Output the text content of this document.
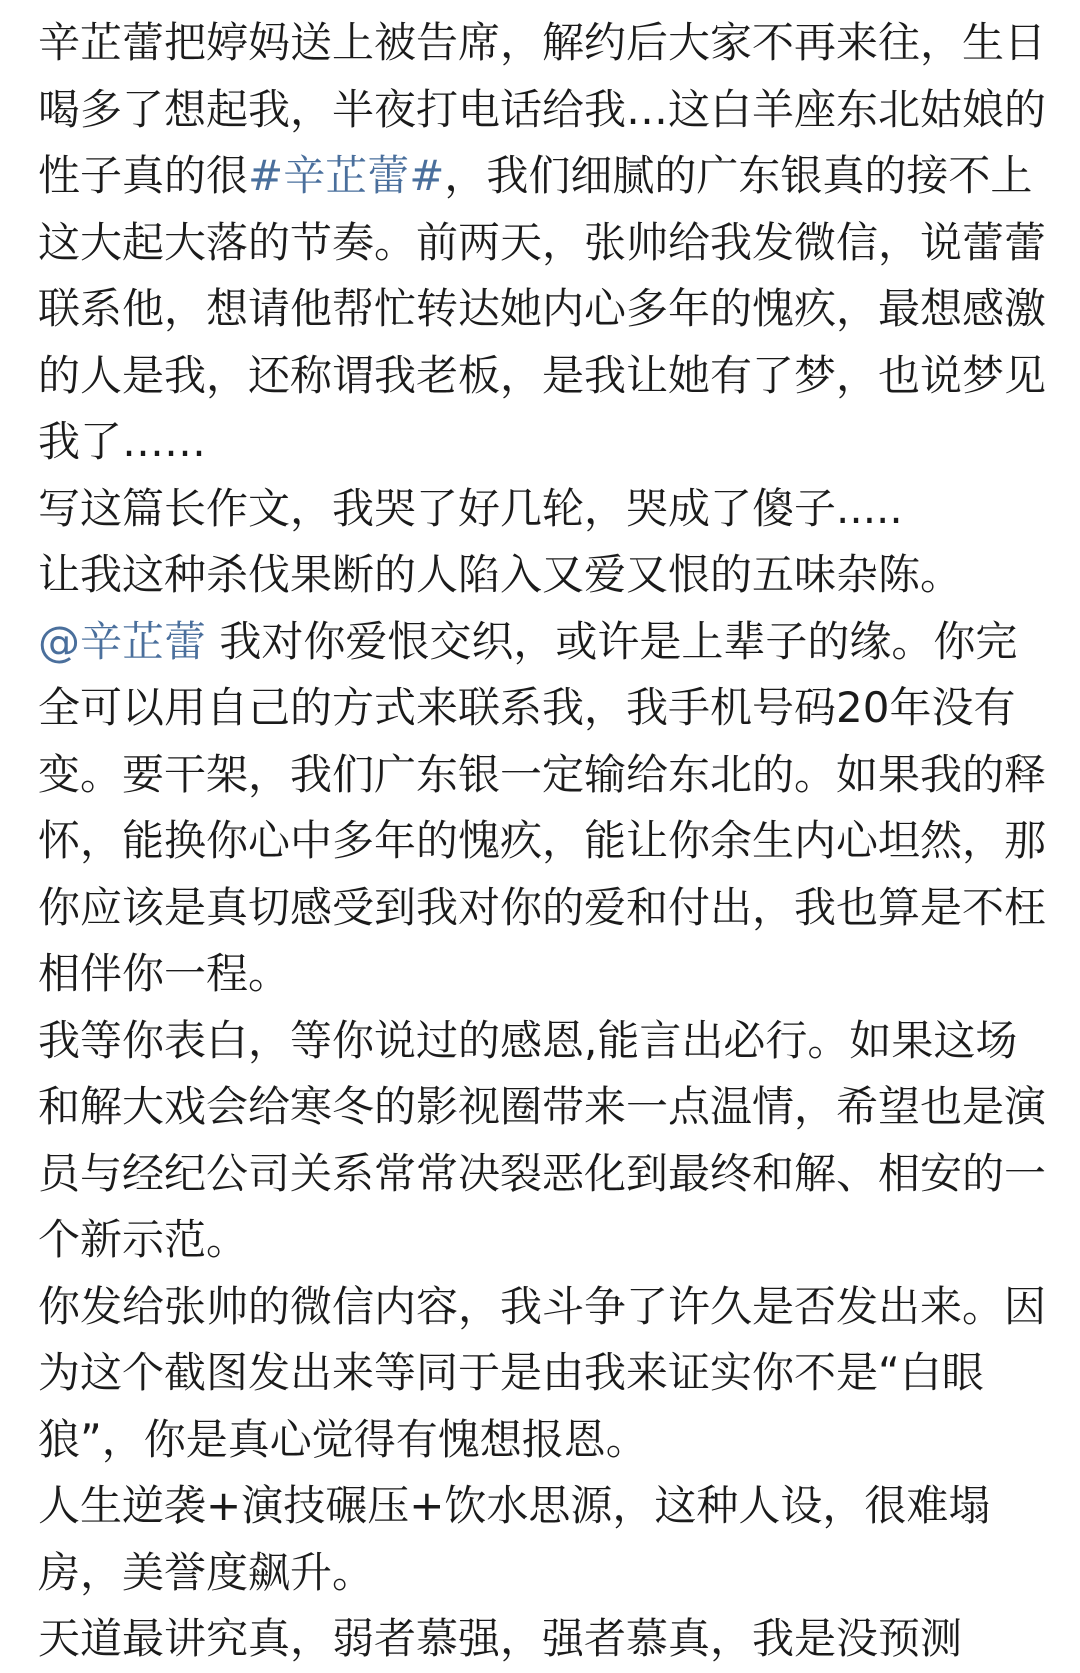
辛芷蕾把婷妈送上被告席，解约后大家不再来往，生日喝多了想起我，半夜打电话给我…这白羊座东北姑娘的性子真的很#辛芷蕾#，我们细腻的广东银真的接不上这大起大落的节奏。前两天，张帅给我发微信，说蕾蕾联系他，想请他帮忙转达她内心多年的愧疚，最想感激的人是我，还称谓我老板，是我让她有了梦，也说梦见我了……

写这篇长作文，我哭了好几轮，哭成了傻子.....

让我这种杀伐果断的人陷入又爱又恨的五味杂陈。

@辛芷蕾 我对你爱恨交织，或许是上辈子的缘。你完全可以用自己的方式来联系我，我手机号码20年没有变。要干架，我们广东银一定输给东北的。如果我的释怀，能换你心中多年的愧疚，能让你余生内心坦然，那你应该是真切感受到我对你的爱和付出，我也算是不枉相伴你一程。

我等你表白，等你说过的感恩,能言出必行。如果这场和解大戏会给寒冬的影视圈带来一点温情，希望也是演员与经纪公司关系常常决裂恶化到最终和解、相安的一个新示范。

你发给张帅的微信内容，我斗争了许久是否发出来。因为这个截图发出来等同于是由我来证实你不是“白眼狼”，你是真心觉得有愧想报恩。

人生逆袭+演技碾压+饮水思源，这种人设，很难塌房，美誉度飙升。

天道最讲究真，弱者慕强，强者慕真，我是没预测
